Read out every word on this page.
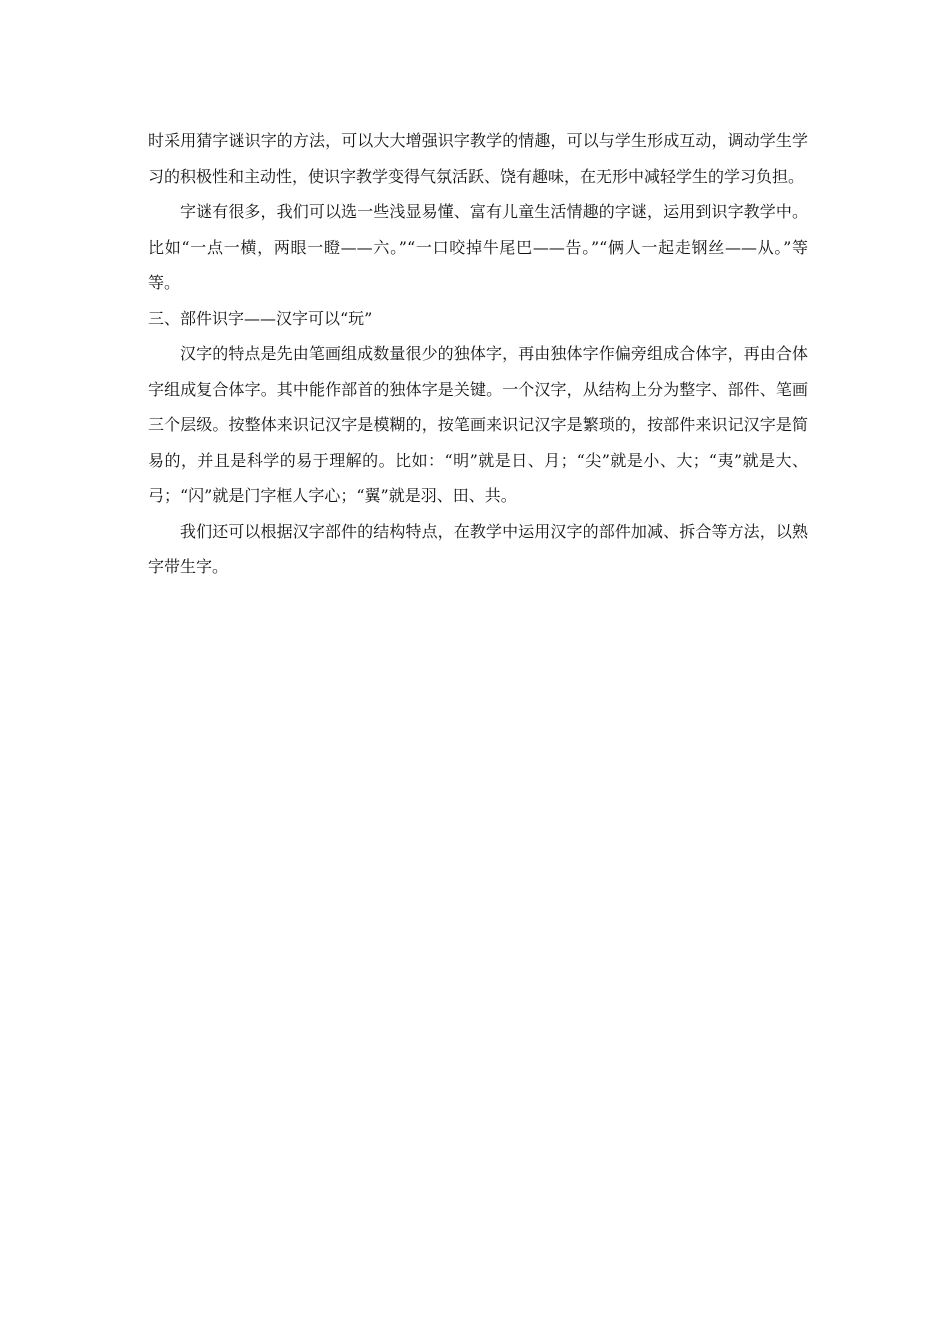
时采用猜字谜识字的方法，可以大大增强识字教学的情趣，可以与学生形成互动，调动学生学习的积极性和主动性，使识字教学变得气氛活跃、饶有趣味，在无形中减轻学生的学习负担。

字谜有很多，我们可以选一些浅显易懂、富有儿童生活情趣的字谜，运用到识字教学中。比如“一点一横，两眼一瞪——六。”“一口咬掉牛尾巴——告。”“俩人一起走钢丝——从。”等等。

三、部件识字——汉字可以“玩”

汉字的特点是先由笔画组成数量很少的独体字，再由独体字作偏旁组成合体字，再由合体字组成复合体字。其中能作部首的独体字是关键。一个汉字，从结构上分为整字、部件、笔画三个层级。按整体来识记汉字是模糊的，按笔画来识记汉字是繁琐的，按部件来识记汉字是简易的，并且是科学的易于理解的。比如：“明”就是日、月；“尖”就是小、大；“夷”就是大、弓；“闪”就是门字框人字心；“翼”就是羽、田、共。

我们还可以根据汉字部件的结构特点，在教学中运用汉字的部件加减、拆合等方法，以熟字带生字。
